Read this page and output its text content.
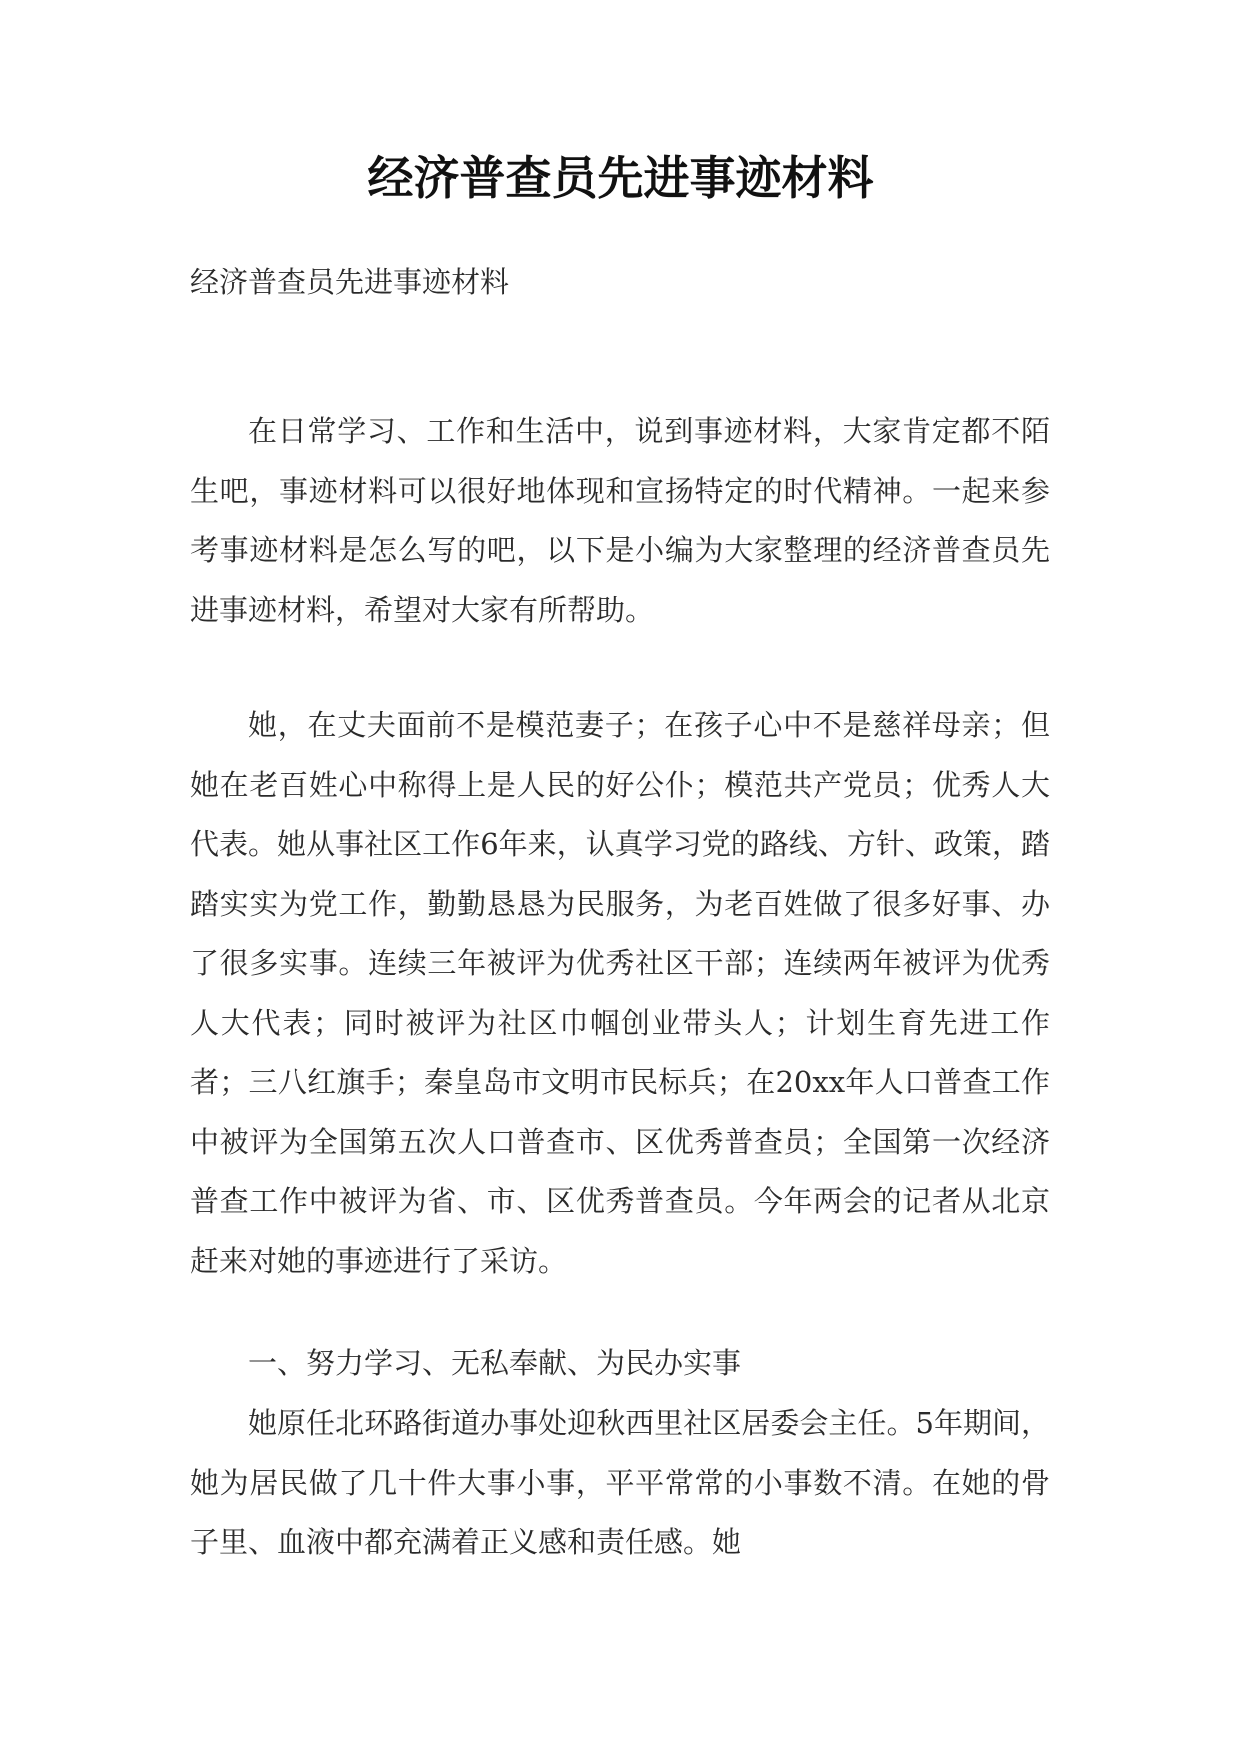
经济普查员先进事迹材料

经济普查员先进事迹材料

在日常学习、工作和生活中，说到事迹材料，大家肯定都不陌生吧，事迹材料可以很好地体现和宣扬特定的时代精神。一起来参考事迹材料是怎么写的吧，以下是小编为大家整理的经济普查员先进事迹材料，希望对大家有所帮助。

她，在丈夫面前不是模范妻子；在孩子心中不是慈祥母亲；但她在老百姓心中称得上是人民的好公仆；模范共产党员；优秀人大代表。她从事社区工作6年来，认真学习党的路线、方针、政策，踏踏实实为党工作，勤勤恳恳为民服务，为老百姓做了很多好事、办了很多实事。连续三年被评为优秀社区干部；连续两年被评为优秀人大代表；同时被评为社区巾帼创业带头人；计划生育先进工作者；三八红旗手；秦皇岛市文明市民标兵；在20xx年人口普查工作中被评为全国第五次人口普查市、区优秀普查员；全国第一次经济普查工作中被评为省、市、区优秀普查员。今年两会的记者从北京赶来对她的事迹进行了采访。

一、努力学习、无私奉献、为民办实事

她原任北环路街道办事处迎秋西里社区居委会主任。5年期间，她为居民做了几十件大事小事，平平常常的小事数不清。在她的骨子里、血液中都充满着正义感和责任感。她
